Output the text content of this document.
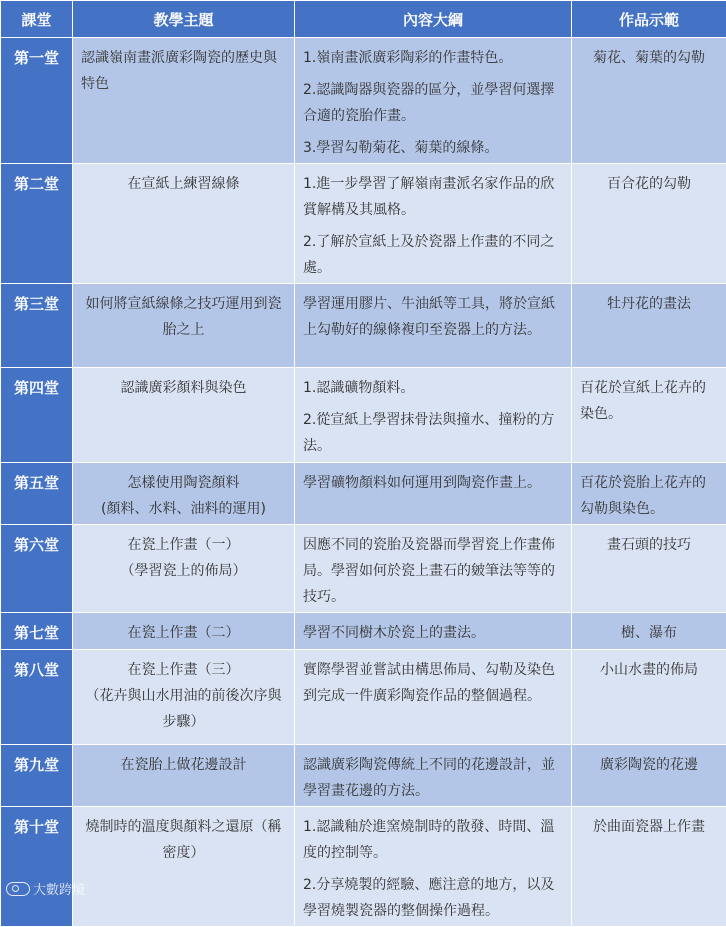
課堂	教學主題	內容大綱	作品示範
第一堂	認識嶺南畫派廣彩陶瓷的歷史與特色	1.嶺南畫派廣彩陶彩的作畫特色。

2.認識陶器與瓷器的區分，並學習何選擇合適的瓷胎作畫。

3.學習勾勒菊花、菊葉的線條。	菊花、菊葉的勾勒
第二堂	在宣紙上練習線條	1.進一步學習了解嶺南畫派名家作品的欣賞解構及其風格。

2.了解於宣紙上及於瓷器上作畫的不同之處。	百合花的勾勒
第三堂	如何將宣紙線條之技巧運用到瓷胎之上	學習運用膠片、牛油紙等工具，將於宣紙上勾勒好的線條複印至瓷器上的方法。	牡丹花的畫法
第四堂	認識廣彩顏料與染色	1.認識礦物顏料。

2.從宣紙上學習抹骨法與撞水、撞粉的方法。	百花於宣紙上花卉的染色。
第五堂	怎樣使用陶瓷顏料
(顏料、水料、油料的運用)	學習礦物顏料如何運用到陶瓷作畫上。	百花於瓷胎上花卉的勾勒與染色。
第六堂	在瓷上作畫（一）
（學習瓷上的佈局）	因應不同的瓷胎及瓷器而學習瓷上作畫佈局。學習如何於瓷上畫石的皴筆法等等的技巧。	畫石頭的技巧
第七堂	在瓷上作畫（二）	學習不同樹木於瓷上的畫法。	樹、瀑布
第八堂	在瓷上作畫（三）
（花卉與山水用油的前後次序與步驟）	實際學習並嘗試由構思佈局、勾勒及染色到完成一件廣彩陶瓷作品的整個過程。	小山水畫的佈局
第九堂	在瓷胎上做花邊設計	認識廣彩陶瓷傳統上不同的花邊設計，並學習畫花邊的方法。	廣彩陶瓷的花邊
第十堂	燒制時的溫度與顏料之還原（稱密度）	1.認識釉於進窯燒制時的散發、時間、溫度的控制等。

2.分享燒製的經驗、應注意的地方，以及學習燒製瓷器的整個操作過程。	於曲面瓷器上作畫
大數跨境
